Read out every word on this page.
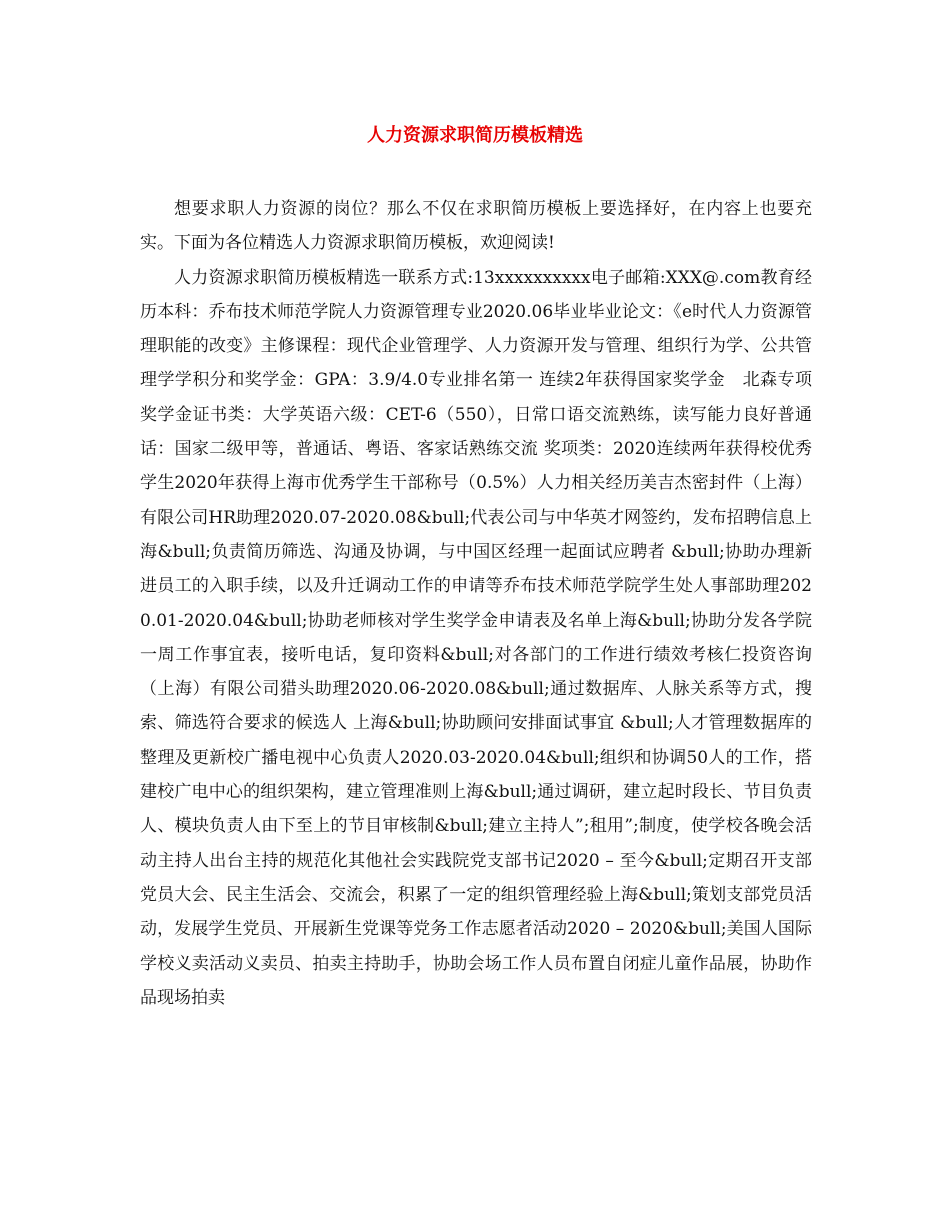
人力资源求职简历模板精选

想要求职人力资源的岗位？那么不仅在求职简历模板上要选择好，在内容上也要充实。下面为各位精选人力资源求职简历模板，欢迎阅读!

人力资源求职简历模板精选一联系方式:13xxxxxxxxxx电子邮箱:XXX@.com教育经历本科：乔布技术师范学院人力资源管理专业2020.06毕业毕业论文：《e时代人力资源管理职能的改变》主修课程：现代企业管理学、人力资源开发与管理、组织行为学、公共管理学学积分和奖学金：GPA：3.9/4.0专业排名第一 连续2年获得国家奖学金　北森专项奖学金证书类：大学英语六级：CET-6（550），日常口语交流熟练，读写能力良好普通话：国家二级甲等，普通话、粤语、客家话熟练交流 奖项类：2020连续两年获得校优秀学生2020年获得上海市优秀学生干部称号（0.5%）人力相关经历美吉杰密封件（上海）有限公司HR助理2020.07-2020.08&bull;代表公司与中华英才网签约，发布招聘信息上海&bull;负责简历筛选、沟通及协调，与中国区经理一起面试应聘者 &bull;协助办理新进员工的入职手续，以及升迁调动工作的申请等乔布技术师范学院学生处人事部助理2020.01-2020.04&bull;协助老师核对学生奖学金申请表及名单上海&bull;协助分发各学院一周工作事宜表，接听电话，复印资料&bull;对各部门的工作进行绩效考核仁投资咨询（上海）有限公司猎头助理2020.06-2020.08&bull;通过数据库、人脉关系等方式，搜索、筛选符合要求的候选人 上海&bull;协助顾问安排面试事宜 &bull;人才管理数据库的整理及更新校广播电视中心负责人2020.03-2020.04&bull;组织和协调50人的工作，搭建校广电中心的组织架构，建立管理准则上海&bull;通过调研，建立起时段长、节目负责人、模块负责人由下至上的节目审核制&bull;建立主持人”;租用”;制度，使学校各晚会活动主持人出台主持的规范化其他社会实践院党支部书记2020 – 至今&bull;定期召开支部党员大会、民主生活会、交流会，积累了一定的组织管理经验上海&bull;策划支部党员活动，发展学生党员、开展新生党课等党务工作志愿者活动2020 – 2020&bull;美国人国际学校义卖活动义卖员、拍卖主持助手，协助会场工作人员布置自闭症儿童作品展，协助作品现场拍卖
